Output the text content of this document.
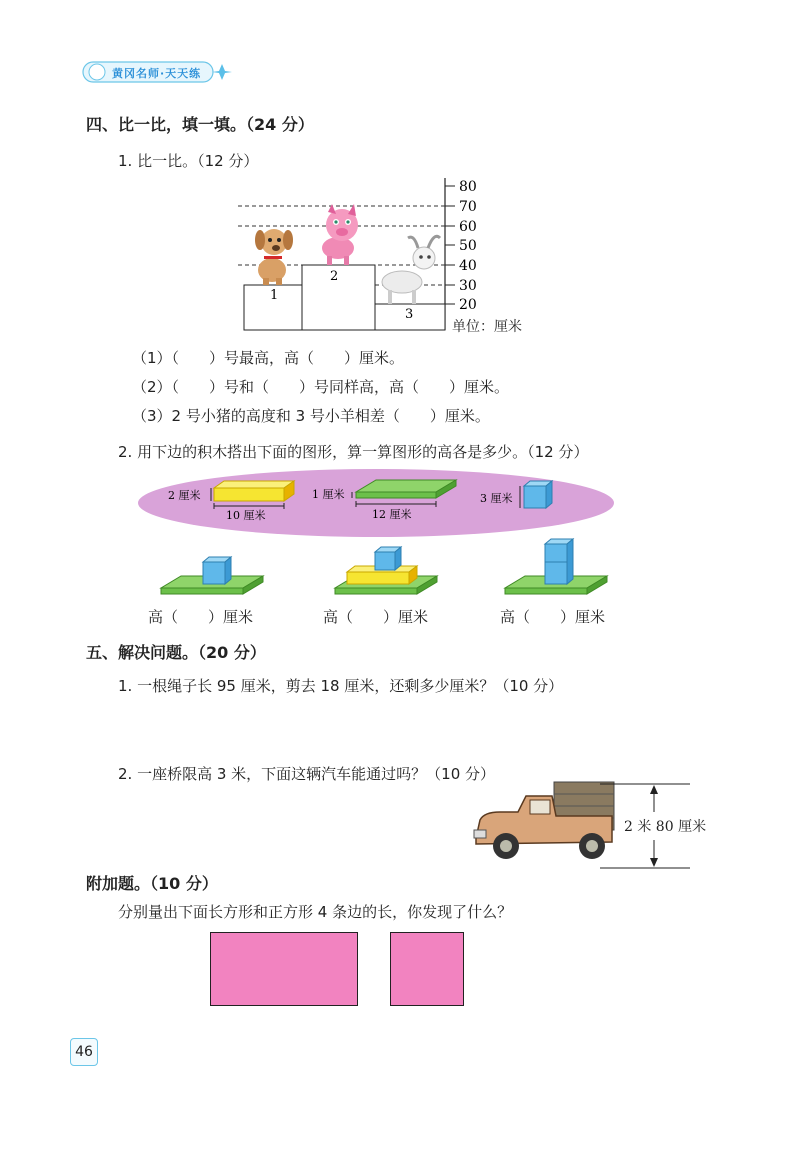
黄冈名师·天天练
四、比一比，填一填。（24 分）
1. 比一比。（12 分）
80
70
60
50
40
30
20
1
2
3
单位：厘米
（1）（　　）号最高，高（　　）厘米。
（2）（　　）号和（　　）号同样高，高（　　）厘米。
（3）2 号小猪的高度和 3 号小羊相差（　　）厘米。
2. 用下边的积木搭出下面的图形，算一算图形的高各是多少。（12 分）
2 厘米
10 厘米
1 厘米
12 厘米
3 厘米
高（　　）厘米	高（　　）厘米	高（　　）厘米
五、解决问题。（20 分）
1. 一根绳子长 95 厘米，剪去 18 厘米，还剩多少厘米？（10 分）
2. 一座桥限高 3 米，下面这辆汽车能通过吗？（10 分）
2 米 80 厘米
附加题。（10 分）
分别量出下面长方形和正方形 4 条边的长，你发现了什么？
46
